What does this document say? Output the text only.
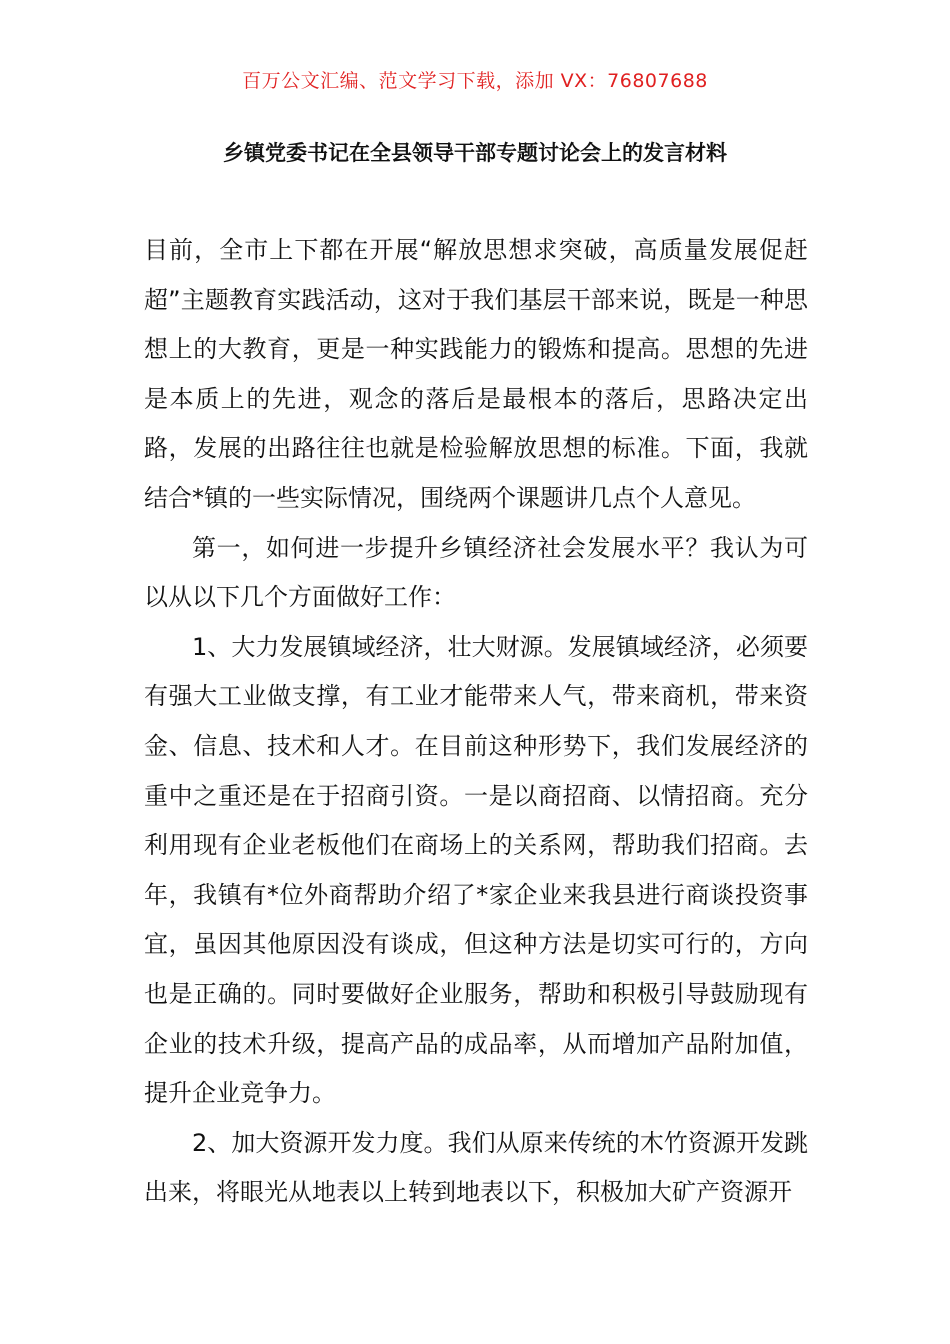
百万公文汇编、范文学习下载，添加 VX：76807688
乡镇党委书记在全县领导干部专题讨论会上的发言材料

目前，全市上下都在开展“解放思想求突破，高质量发展促赶超”主题教育实践活动，这对于我们基层干部来说，既是一种思想上的大教育，更是一种实践能力的锻炼和提高。思想的先进是本质上的先进，观念的落后是最根本的落后，思路决定出路，发展的出路往往也就是检验解放思想的标准。下面，我就结合*镇的一些实际情况，围绕两个课题讲几点个人意见。

第一，如何进一步提升乡镇经济社会发展水平？我认为可以从以下几个方面做好工作：

1、大力发展镇域经济，壮大财源。发展镇域经济，必须要有强大工业做支撑，有工业才能带来人气，带来商机，带来资金、信息、技术和人才。在目前这种形势下，我们发展经济的重中之重还是在于招商引资。一是以商招商、以情招商。充分利用现有企业老板他们在商场上的关系网，帮助我们招商。去年，我镇有*位外商帮助介绍了*家企业来我县进行商谈投资事宜，虽因其他原因没有谈成，但这种方法是切实可行的，方向也是正确的。同时要做好企业服务，帮助和积极引导鼓励现有企业的技术升级，提高产品的成品率，从而增加产品附加值，提升企业竞争力。

2、加大资源开发力度。我们从原来传统的木竹资源开发跳出来，将眼光从地表以上转到地表以下，积极加大矿产资源开
